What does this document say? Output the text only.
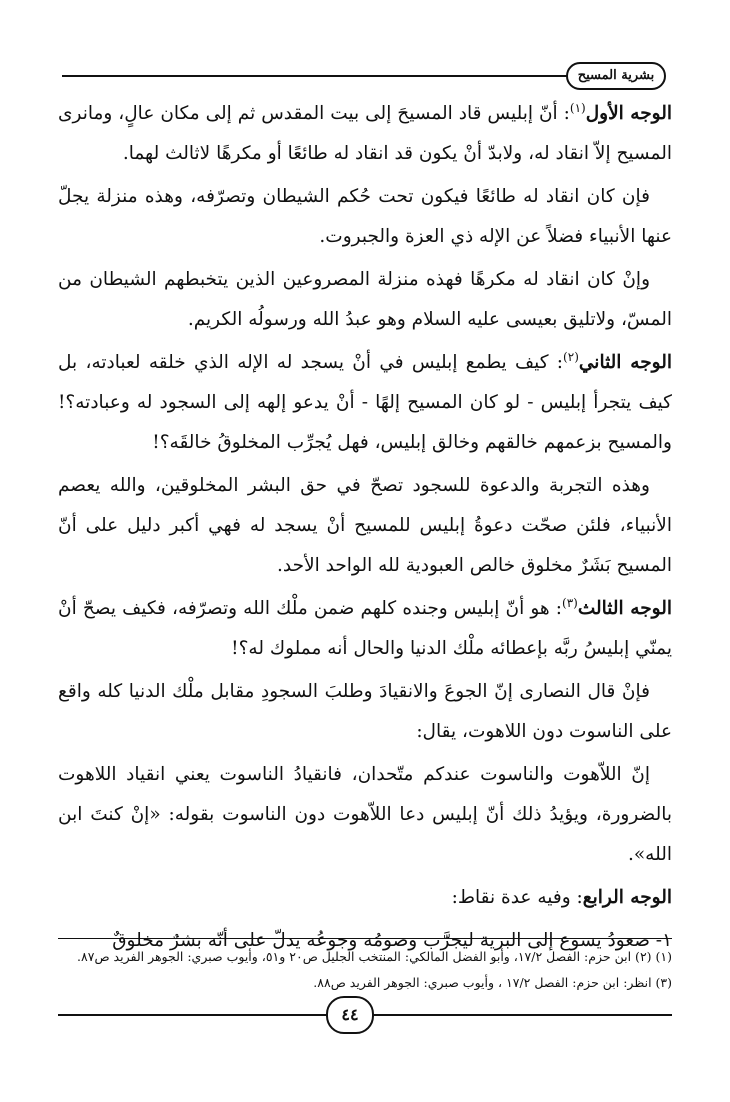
بشرية المسيح

الوجه الأول$^{(١)}$: أنّ إبليس قاد المسيحَ إلى بيت المقدس ثم إلى مكان عالٍ، ومانرى المسيح إلاّ انقاد له، ولابدّ أنْ يكون قد انقاد له طائعًا أو مكرهًا لاثالث لهما.

فإن كان انقاد له طائعًا فيكون تحت حُكم الشيطان وتصرّفه، وهذه منزلة يجلّ عنها الأنبياء فضلاً عن الإله ذي العزة والجبروت.

وإنْ كان انقاد له مكرهًا فهذه منزلة المصروعين الذين يتخبطهم الشيطان من المسّ، ولاتليق بعيسى عليه السلام وهو عبدُ الله ورسولُه الكريم.

الوجه الثاني$^{(٢)}$: كيف يطمع إبليس في أنْ يسجد له الإله الذي خلقه لعبادته، بل كيف يتجرأ إبليس - لو كان المسيح إلهًا - أنْ يدعو إلهه إلى السجود له وعبادته؟! والمسيح بزعمهم خالقهم وخالق إبليس، فهل يُجرِّب المخلوقُ خالقَه؟!

وهذه التجربة والدعوة للسجود تصحّ في حق البشر المخلوقين، والله يعصم الأنبياء، فلئن صحّت دعوةُ إبليس للمسيح أنْ يسجد له فهي أكبر دليل على أنّ المسيح بَشَرٌ مخلوق خالص العبودية لله الواحد الأحد.

الوجه الثالث$^{(٣)}$: هو أنّ إبليس وجنده كلهم ضمن ملْك الله وتصرّفه، فكيف يصحّ أنْ يمنّي إبليسُ ربَّه بإعطائه ملْك الدنيا والحال أنه مملوك له؟!

فإنْ قال النصارى إنّ الجوعَ والانقيادَ وطلبَ السجودِ مقابل ملْك الدنيا كله واقع على الناسوت دون اللاهوت، يقال:

إنّ اللاّهوت والناسوت عندكم متّحدان، فانقيادُ الناسوت يعني انقياد اللاهوت بالضرورة، ويؤيدُ ذلك أنّ إبليس دعا اللاّهوت دون الناسوت بقوله: «إنْ كنتَ ابن الله».

الوجه الرابع: وفيه عدة نقاط:

١- صعودُ يسوع إلى البرية ليجرَّب وصومُه وجوعُه يدلّ على أنّه بشرٌ مخلوقٌ

(١) (٢) ابن حزم: الفصل ١٧/٢، وأبو الفضل المالكي: المنتخب الجليل ص٢٠ و٥١، وأيوب صبري: الجوهر الفريد ص٨٧.
(٣) انظر: ابن حزم: الفصل ١٧/٢ ، وأيوب صبري: الجوهر الفريد ص٨٨.
٤٤
